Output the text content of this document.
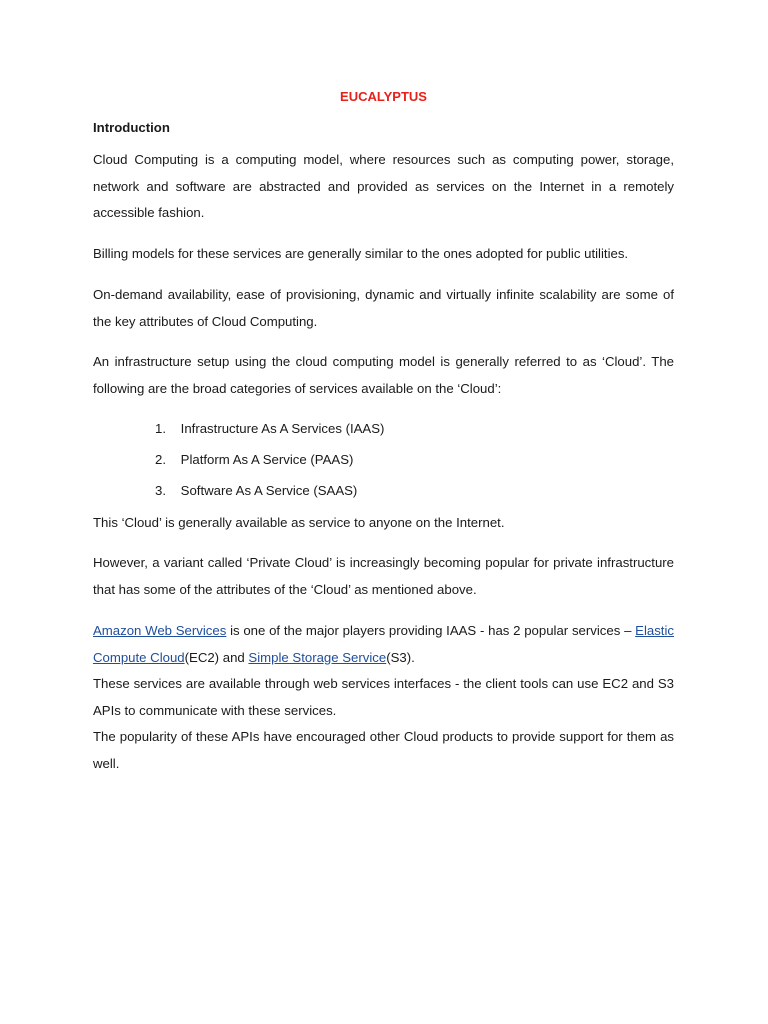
EUCALYPTUS
Introduction

Cloud Computing is a computing model, where resources such as computing power, storage, network and software are abstracted and provided as services on the Internet in a remotely accessible fashion.

Billing models for these services are generally similar to the ones adopted for public utilities.

On-demand availability, ease of provisioning, dynamic and virtually infinite scalability are some of the key attributes of Cloud Computing.

An infrastructure setup using the cloud computing model is generally referred to as ‘Cloud’. The following are the broad categories of services available on the ‘Cloud’:

1. Infrastructure As A Services (IAAS)
2. Platform As A Service (PAAS)
3. Software As A Service (SAAS)

This ‘Cloud’ is generally available as service to anyone on the Internet.

However, a variant called ‘Private Cloud’ is increasingly becoming popular for private infrastructure that has some of the attributes of the ‘Cloud’ as mentioned above.

Amazon Web Services is one of the major players providing IAAS - has 2 popular services – Elastic Compute Cloud(EC2) and Simple Storage Service(S3).

These services are available through web services interfaces - the client tools can use EC2 and S3 APIs to communicate with these services.

The popularity of these APIs have encouraged other Cloud products to provide support for them as well.
